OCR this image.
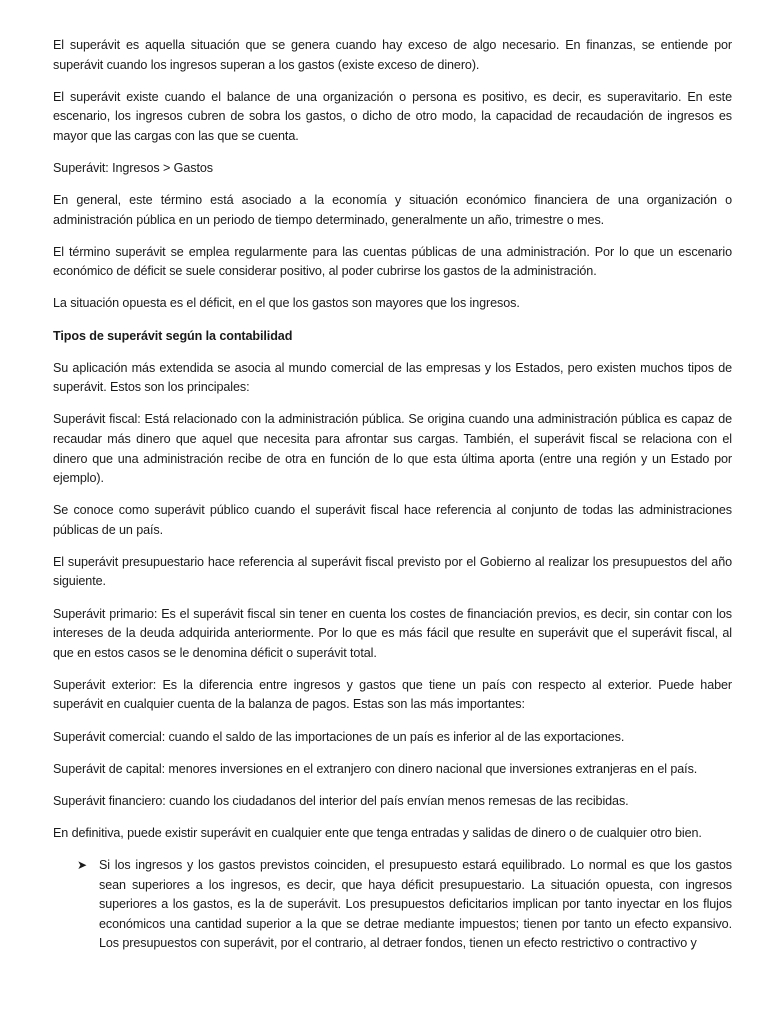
El superávit es aquella situación que se genera cuando hay exceso de algo necesario. En finanzas, se entiende por superávit cuando los ingresos superan a los gastos (existe exceso de dinero).

El superávit existe cuando el balance de una organización o persona es positivo, es decir, es superavitario. En este escenario, los ingresos cubren de sobra los gastos, o dicho de otro modo, la capacidad de recaudación de ingresos es mayor que las cargas con las que se cuenta.

Superávit: Ingresos > Gastos

En general, este término está asociado a la economía y situación económico financiera de una organización o administración pública en un periodo de tiempo determinado, generalmente un año, trimestre o mes.

El término superávit se emplea regularmente para las cuentas públicas de una administración. Por lo que un escenario económico de déficit se suele considerar positivo, al poder cubrirse los gastos de la administración.

La situación opuesta es el déficit, en el que los gastos son mayores que los ingresos.

Tipos de superávit según la contabilidad

Su aplicación más extendida se asocia al mundo comercial de las empresas y los Estados, pero existen muchos tipos de superávit. Estos son los principales:

Superávit fiscal: Está relacionado con la administración pública. Se origina cuando una administración pública es capaz de recaudar más dinero que aquel que necesita para afrontar sus cargas. También, el superávit fiscal se relaciona con el dinero que una administración recibe de otra en función de lo que esta última aporta (entre una región y un Estado por ejemplo).

Se conoce como superávit público cuando el superávit fiscal hace referencia al conjunto de todas las administraciones públicas de un país.

El superávit presupuestario hace referencia al superávit fiscal previsto por el Gobierno al realizar los presupuestos del año siguiente.

Superávit primario: Es el superávit fiscal sin tener en cuenta los costes de financiación previos, es decir, sin contar con los intereses de la deuda adquirida anteriormente. Por lo que es más fácil que resulte en superávit que el superávit fiscal, al que en estos casos se le denomina déficit o superávit total.

Superávit exterior: Es la diferencia entre ingresos y gastos que tiene un país con respecto al exterior. Puede haber superávit en cualquier cuenta de la balanza de pagos. Estas son las más importantes:

Superávit comercial: cuando el saldo de las importaciones de un país es inferior al de las exportaciones.

Superávit de capital: menores inversiones en el extranjero con dinero nacional que inversiones extranjeras en el país.

Superávit financiero: cuando los ciudadanos del interior del país envían menos remesas de las recibidas.

En definitiva, puede existir superávit en cualquier ente que tenga entradas y salidas de dinero o de cualquier otro bien.

➤ Si los ingresos y los gastos previstos coinciden, el presupuesto estará equilibrado. Lo normal es que los gastos sean superiores a los ingresos, es decir, que haya déficit presupuestario. La situación opuesta, con ingresos superiores a los gastos, es la de superávit. Los presupuestos deficitarios implican por tanto inyectar en los flujos económicos una cantidad superior a la que se detrae mediante impuestos; tienen por tanto un efecto expansivo. Los presupuestos con superávit, por el contrario, al detraer fondos, tienen un efecto restrictivo o contractivo y
